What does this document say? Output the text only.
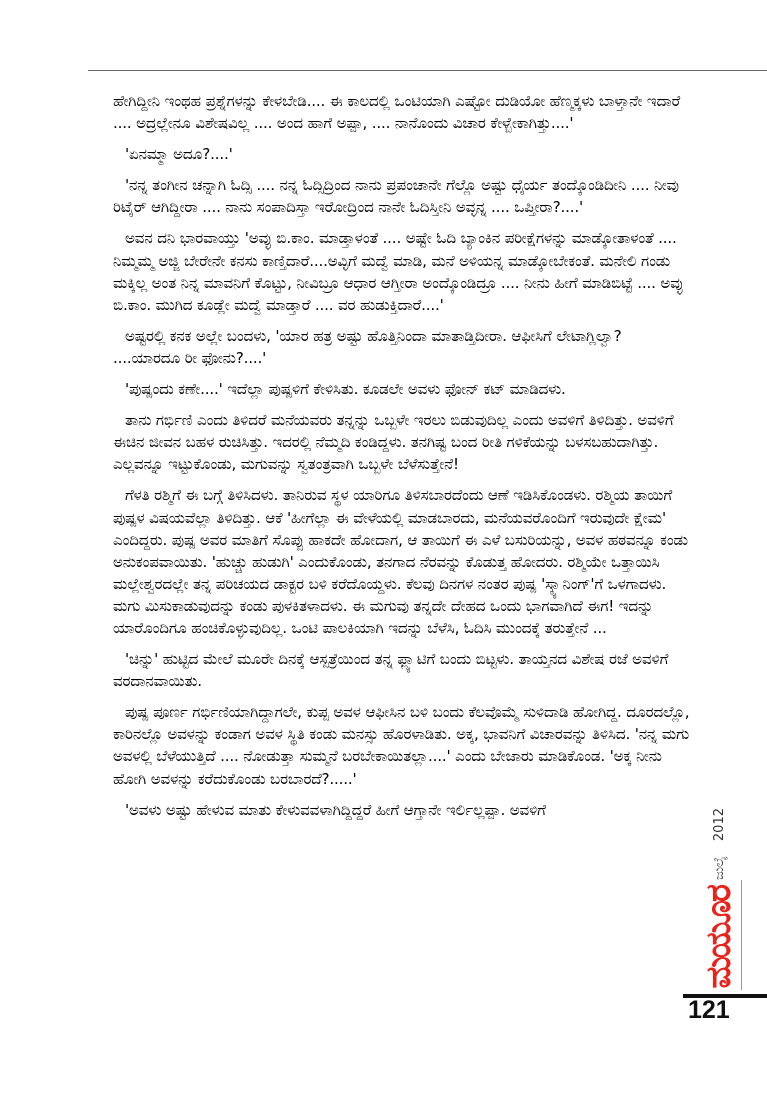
ಹೇಗಿದ್ದೀನಿ ಇಂಥಹ ಪ್ರಶ್ನೆಗಳನ್ನು ಕೇಳಬೇಡಿ.... ಈ ಕಾಲದಲ್ಲಿ ಒಂಟಿಯಾಗಿ ಎಷ್ಟೋ ದುಡಿಯೋ ಹೆಣ್ಮಕ್ಕಳು ಬಾಳ್ತಾನೇ ಇದಾರೆ .... ಅದ್ರಲ್ಲೇನೂ ವಿಶೇಷವಿಲ್ಲ .... ಅಂದ ಹಾಗೆ ಅಪ್ಪಾ, .... ನಾನೊಂದು ವಿಚಾರ ಕೇಳ್ಬೇಕಾಗಿತ್ತು....'

'ಏನಮ್ಮಾ ಅದೂ?....'

'ನನ್ನ ತಂಗೀನ ಚನ್ನಾಗಿ ಓದ್ಸಿ .... ನನ್ನ ಓದ್ಸಿದ್ರಿಂದ ನಾನು ಪ್ರಪಂಚಾನೇ ಗೆಲ್ಲೊ ಅಷ್ಟು ಧೈರ್ಯ ತಂದ್ಕೊಂಡಿದೀನಿ .... ನೀವು ರಿಟೈರ್ ಆಗಿದ್ದೀರಾ .... ನಾನು ಸಂಪಾದಿಸ್ತಾ ಇರೋದ್ರಿಂದ ನಾನೇ ಓದಿಸ್ತೀನಿ ಅವ್ಳನ್ನ .... ಒಪ್ತೀರಾ?....'

ಅವನ ದನಿ ಭಾರವಾಯ್ತು 'ಅವ್ಳು ಬಿ.ಕಾಂ. ಮಾಡ್ತಾಳಂತೆ .... ಅಷ್ಟೇ ಓದಿ ಬ್ಯಾಂಕಿನ ಪರೀಕ್ಷೆಗಳನ್ನು ಮಾಡ್ಕೋತಾಳಂತೆ .... ನಿಮ್ಮಮ್ಮ ಅಜ್ಜಿ ಬೇರೇನೇ ಕನಸು ಕಾಣ್ತಿದಾರೆ....ಅವ್ಳಿಗೆ ಮದ್ವೆ ಮಾಡಿ, ಮನೆ ಅಳಿಯನ್ನ ಮಾಡ್ಕೋಬೇಕಂತೆ. ಮನೇಲಿ ಗಂಡು ಮಕ್ಕಿಲ್ಲ ಅಂತ ನಿನ್ನ ಮಾವನಿಗೆ ಕೊಟ್ಟು, ನೀವಿಬ್ರೂ ಆಧಾರ ಆಗ್ತೀರಾ ಅಂದ್ಕೊಂಡಿದ್ರೂ .... ನೀನು ಹೀಗೆ ಮಾಡಿಬಿಟ್ಟೆ .... ಅವ್ಳು ಬಿ.ಕಾಂ. ಮುಗಿದ ಕೂಡ್ಲೇ ಮದ್ವೆ ಮಾಡ್ತಾರೆ .... ವರ ಹುಡುಕ್ತಿದಾರೆ....'

ಅಷ್ಟರಲ್ಲಿ ಕನಕ ಅಲ್ಲೇ ಬಂದಳು, 'ಯಾರ ಹತ್ರ ಅಷ್ಟು ಹೊತ್ತಿನಿಂದಾ ಮಾತಾಡ್ತಿದೀರಾ. ಆಫೀಸಿಗೆ ಲೇಟಾಗ್ಲಿಲ್ವಾ? ....ಯಾರದೂ ರೀ ಫೋನು?....'

'ಪುಷ್ಪಂದು ಕಣೇ....' ಇದೆಲ್ಲಾ ಪುಷ್ಪಳಿಗೆ ಕೇಳಿಸಿತು. ಕೂಡಲೇ ಅವಳು ಫೋನ್ ಕಟ್ ಮಾಡಿದಳು.

ತಾನು ಗರ್ಭಿಣಿ ಎಂದು ತಿಳಿದರೆ ಮನೆಯವರು ತನ್ನನ್ನು ಒಬ್ಬಳೇ ಇರಲು ಬಿಡುವುದಿಲ್ಲ ಎಂದು ಅವಳಿಗೆ ತಿಳಿದಿತ್ತು. ಅವಳಿಗೆ ಈಚಿನ ಜೀವನ ಬಹಳ ರುಚಿಸಿತ್ತು. ಇದರಲ್ಲಿ ನೆಮ್ಮದಿ ಕಂಡಿದ್ದಳು. ತನಗಿಷ್ಟ ಬಂದ ರೀತಿ ಗಳಿಕೆಯನ್ನು ಬಳಸಬಹುದಾಗಿತ್ತು. ಎಲ್ಲವನ್ನೂ ಇಟ್ಟುಕೊಂಡು, ಮಗುವನ್ನು ಸ್ವತಂತ್ರವಾಗಿ ಒಬ್ಬಳೇ ಬೆಳೆಸುತ್ತೇನೆ!

ಗೆಳತಿ ರಶ್ಮಿಗೆ ಈ ಬಗ್ಗೆ ತಿಳಿಸಿದಳು. ತಾನಿರುವ ಸ್ಥಳ ಯಾರಿಗೂ ತಿಳಿಸಬಾರದೆಂದು ಆಣೆ ಇಡಿಸಿಕೊಂಡಳು. ರಶ್ಮಿಯ ತಾಯಿಗೆ ಪುಷ್ಪಳ ವಿಷಯವೆಲ್ಲಾ ತಿಳಿದಿತ್ತು. ಆಕೆ 'ಹೀಗೆಲ್ಲಾ ಈ ವೇಳೆಯಲ್ಲಿ ಮಾಡಬಾರದು, ಮನೆಯವರೊಂದಿಗೆ ಇರುವುದೇ ಕ್ಷೇಮ' ಎಂದಿದ್ದರು. ಪುಷ್ಪ ಅವರ ಮಾತಿಗೆ ಸೊಪ್ಪು ಹಾಕದೇ ಹೋದಾಗ, ಆ ತಾಯಿಗೆ ಈ ಎಳೆ ಬಸುರಿಯನ್ನು, ಅವಳ ಹಠವನ್ನೂ ಕಂಡು ಅನುಕಂಪವಾಯಿತು. 'ಹುಚ್ಚು ಹುಡುಗಿ' ಎಂದುಕೊಂಡು, ತನಗಾದ ನೆರವನ್ನು ಕೊಡುತ್ತ ಹೋದರು. ರಶ್ಮಿಯೇ ಒತ್ತಾಯಿಸಿ ಮಲ್ಲೇಶ್ವರದಲ್ಲೇ ತನ್ನ ಪರಿಚಯದ ಡಾಕ್ಟರ ಬಳಿ ಕರೆದೊಯ್ದಳು. ಕೆಲವು ದಿನಗಳ ನಂತರ ಪುಷ್ಪ 'ಸ್ಕ್ಯಾನಿಂಗ್'ಗೆ ಒಳಗಾದಳು. ಮಗು ಮಿಸುಕಾಡುವುದನ್ನು ಕಂಡು ಪುಳಕಿತಳಾದಳು. ಈ ಮಗುವು ತನ್ನದೇ ದೇಹದ ಒಂದು ಭಾಗವಾಗಿದೆ ಈಗ! ಇದನ್ನು ಯಾರೊಂದಿಗೂ ಹಂಚಿಕೊಳ್ಳುವುದಿಲ್ಲ. ಒಂಟಿ ಪಾಲಕಿಯಾಗಿ ಇದನ್ನು ಬೆಳೆಸಿ, ಓದಿಸಿ ಮುಂದಕ್ಕೆ ತರುತ್ತೇನೆ ...

'ಚಿನ್ನು' ಹುಟ್ಟಿದ ಮೇಲೆ ಮೂರೇ ದಿನಕ್ಕೆ ಆಸ್ಪತ್ರೆಯಿಂದ ತನ್ನ ಫ್ಲ್ಯಾಟಿಗೆ ಬಂದು ಬಿಟ್ಟಳು. ತಾಯ್ತನದ ವಿಶೇಷ ರಜೆ ಅವಳಿಗೆ ವರದಾನವಾಯಿತು.

ಪುಷ್ಪ ಪೂರ್ಣ ಗರ್ಭಿಣಿಯಾಗಿದ್ದಾಗಲೇ, ಕುಪ್ಪ ಅವಳ ಆಫೀಸಿನ ಬಳಿ ಬಂದು ಕೆಲವೊಮ್ಮೆ ಸುಳಿದಾಡಿ ಹೋಗಿದ್ದ. ದೂರದಲ್ಲೊ, ಕಾರಿನಲ್ಲೊ ಅವಳನ್ನು ಕಂಡಾಗ ಅವಳ ಸ್ಥಿತಿ ಕಂಡು ಮನಸ್ಸು ಹೊರಳಾಡಿತು. ಅಕ್ಕ, ಭಾವನಿಗೆ ವಿಚಾರವನ್ನು ತಿಳಿಸಿದ. 'ನನ್ನ ಮಗು ಅವಳಲ್ಲಿ ಬೆಳೆಯುತ್ತಿದೆ .... ನೋಡುತ್ತಾ ಸುಮ್ಮನೆ ಬರಬೇಕಾಯಿತಲ್ಲಾ....' ಎಂದು ಬೇಜಾರು ಮಾಡಿಕೊಂಡ. 'ಅಕ್ಕ ನೀನು ಹೋಗಿ ಅವಳನ್ನು ಕರೆದುಕೊಂಡು ಬರಬಾರದೆ?.....'

'ಅವಳು ಅಷ್ಟು ಹೇಳುವ ಮಾತು ಕೇಳುವವಳಾಗಿದ್ದಿದ್ದರೆ ಹೀಗೆ ಆಗ್ತಾನೇ ಇರ್ಲಿಲ್ಲಪ್ಪಾ. ಅವಳಿಗೆ	2012
ಜುಲೈ
ಮಯೂರ
121
